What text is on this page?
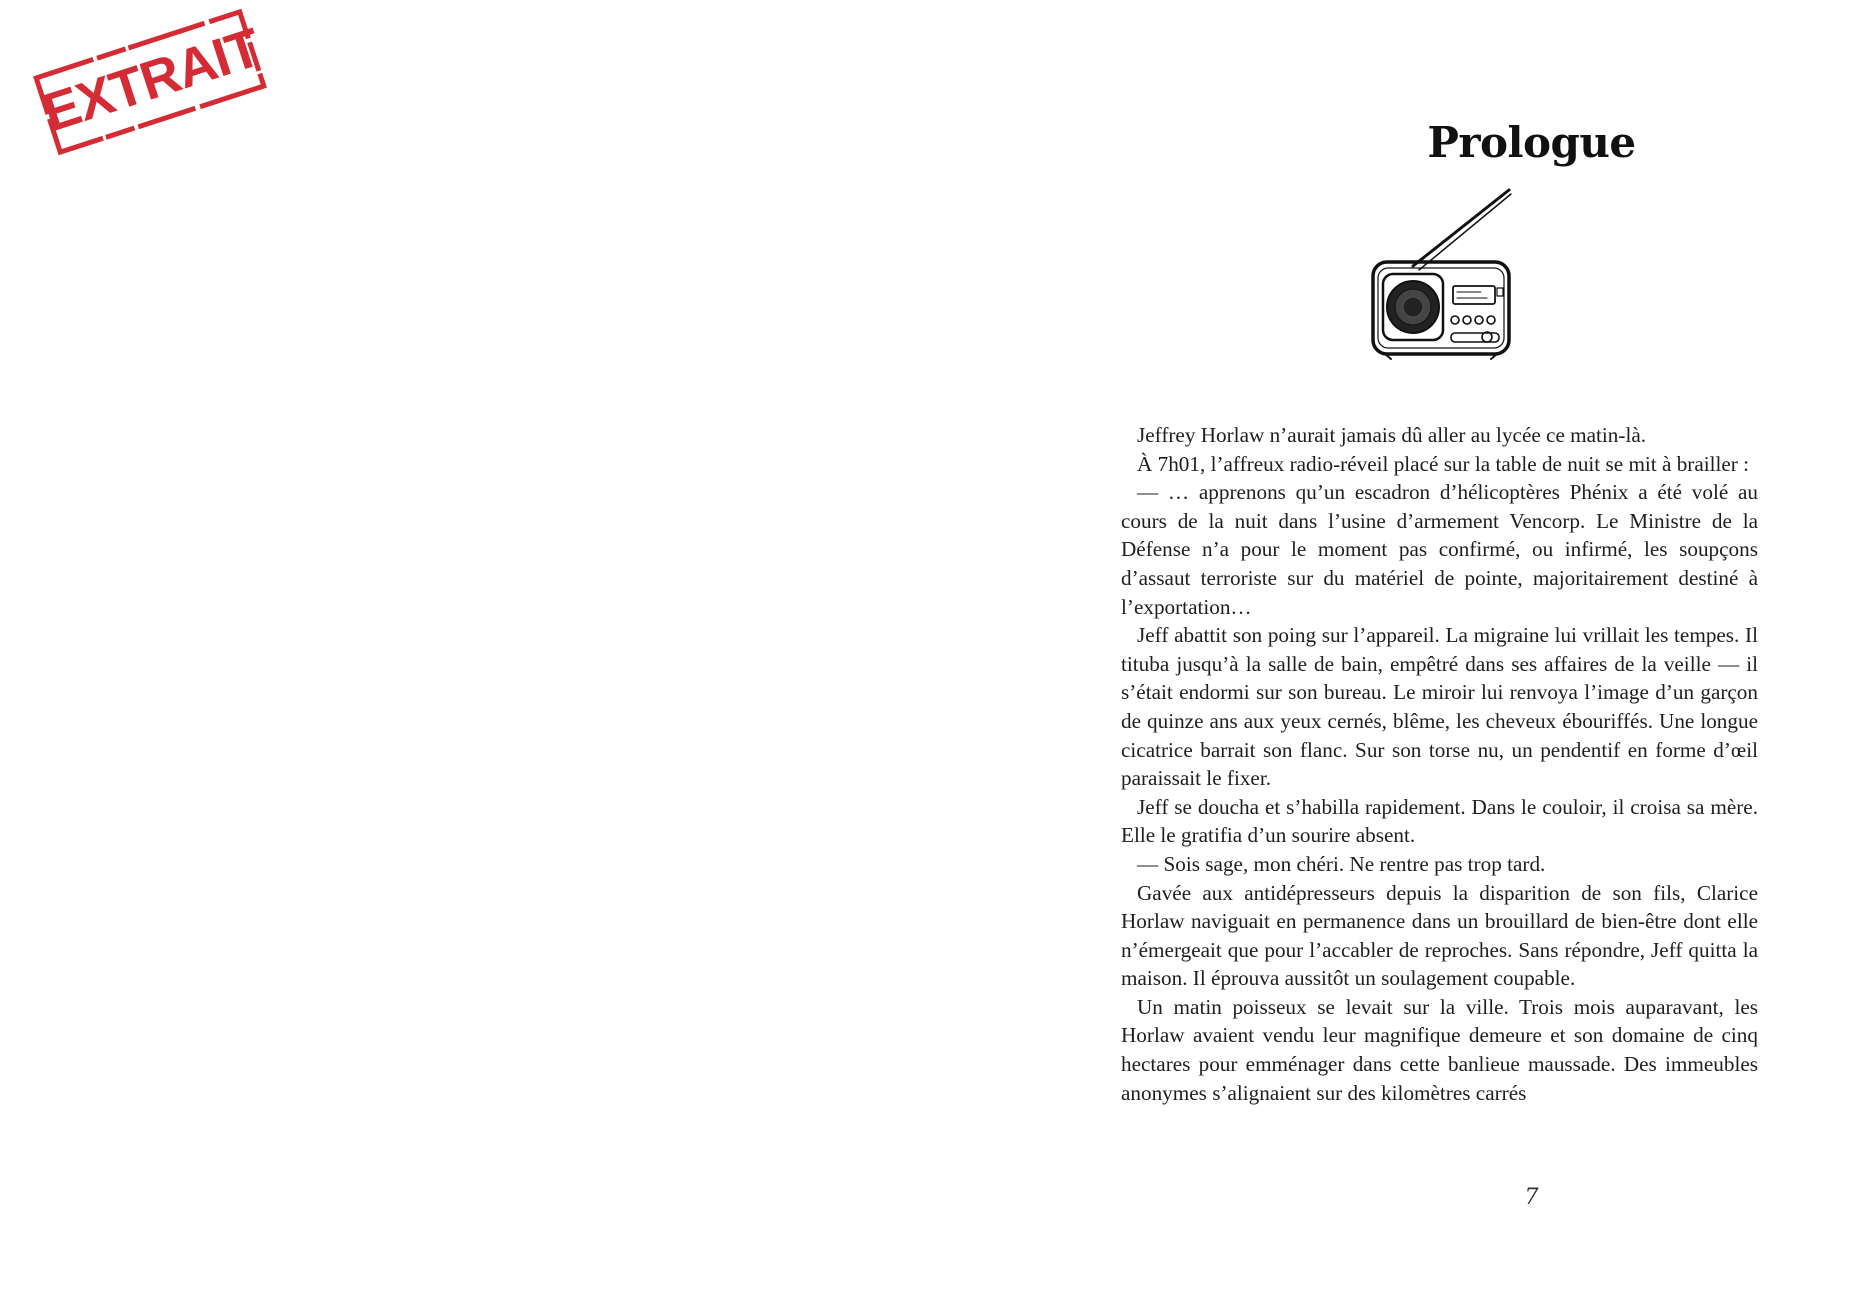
EXTRAIT	Prologue

Jeffrey Horlaw n’aurait jamais dû aller au lycée ce matin-là.

À 7h01, l’affreux radio-réveil placé sur la table de nuit se mit à brailler :

— … apprenons qu’un escadron d’hélicoptères Phénix a été volé au cours de la nuit dans l’usine d’armement Vencorp. Le Ministre de la Défense n’a pour le moment pas confirmé, ou infirmé, les soupçons d’assaut terroriste sur du matériel de pointe, majoritairement destiné à l’exportation…

Jeff abattit son poing sur l’appareil. La migraine lui vrillait les tempes. Il tituba jusqu’à la salle de bain, empêtré dans ses affaires de la veille — il s’était endormi sur son bureau. Le miroir lui renvoya l’image d’un garçon de quinze ans aux yeux cernés, blême, les cheveux ébouriffés. Une longue cicatrice barrait son flanc. Sur son torse nu, un pendentif en forme d’œil paraissait le fixer.

Jeff se doucha et s’habilla rapidement. Dans le couloir, il croisa sa mère. Elle le gratifia d’un sourire absent.

— Sois sage, mon chéri. Ne rentre pas trop tard.

Gavée aux antidépresseurs depuis la disparition de son fils, Clarice Horlaw naviguait en permanence dans un brouillard de bien-être dont elle n’émergeait que pour l’accabler de reproches. Sans répondre, Jeff quitta la maison. Il éprouva aussitôt un soulagement coupable.

Un matin poisseux se levait sur la ville. Trois mois auparavant, les Horlaw avaient vendu leur magnifique demeure et son domaine de cinq hectares pour emménager dans cette banlieue maussade. Des immeubles anonymes s’alignaient sur des kilomètres carrés

7
